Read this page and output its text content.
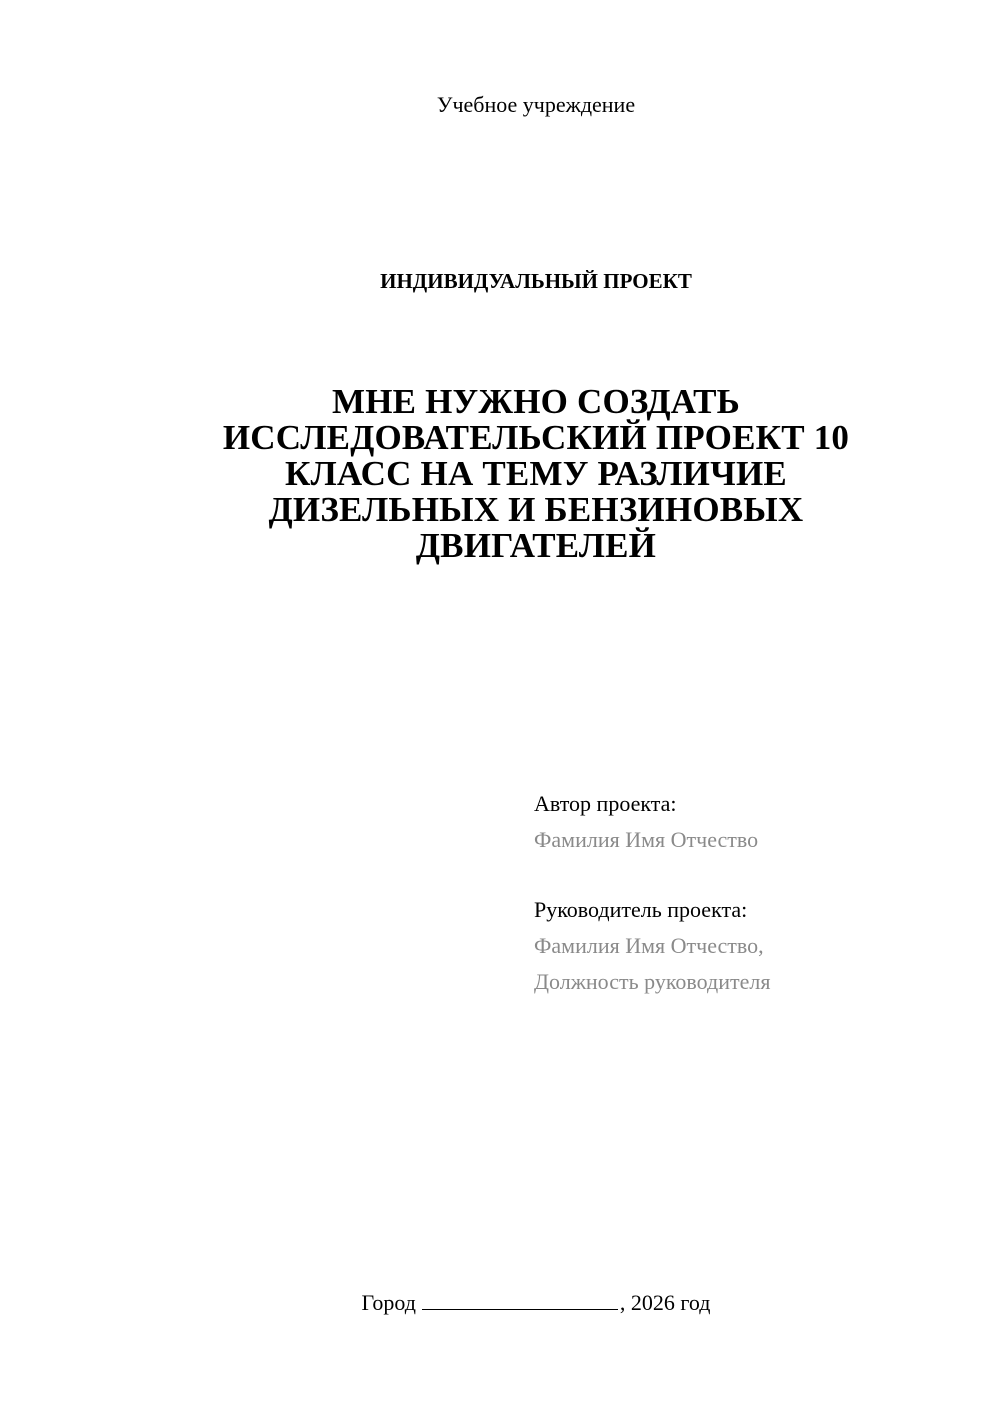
Учебное учреждение
ИНДИВИДУАЛЬНЫЙ ПРОЕКТ
МНЕ НУЖНО СОЗДАТЬ
ИССЛЕДОВАТЕЛЬСКИЙ ПРОЕКТ 10
КЛАСС НА ТЕМУ РАЗЛИЧИЕ
ДИЗЕЛЬНЫХ И БЕНЗИНОВЫХ
ДВИГАТЕЛЕЙ
Автор проекта:
Фамилия Имя Отчество
Руководитель проекта:
Фамилия Имя Отчество,
Должность руководителя
Город	, 2026 год
